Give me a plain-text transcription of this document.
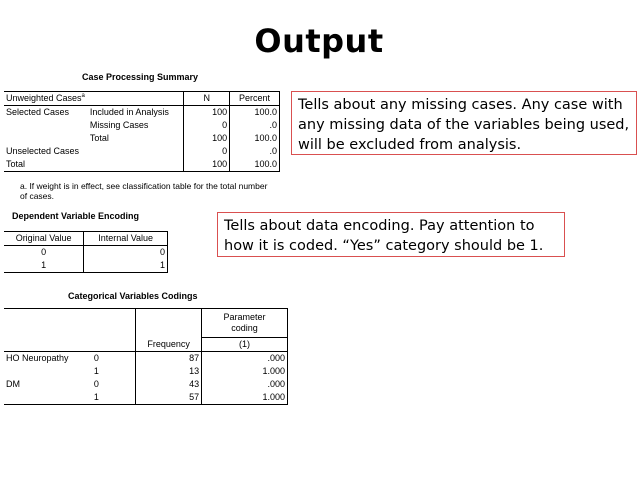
Output
Case Processing Summary
Unweighted Cases$^a$		N	Percent
Selected Cases	Included in Analysis	100	100.0
	Missing Cases	0	.0
	Total	100	100.0
Unselected Cases		0	.0
Total		100	100.0
a. If weight is in effect, see classification table for the total number of cases.
Tells about any missing cases. Any case with any missing data of the variables being used, will be excluded from analysis.
Dependent Variable Encoding
Original Value	Internal Value
0	0
1	1
Tells about data encoding. Pay attention to how it is coded. “Yes” category should be 1.
Categorical Variables Codings
		Frequency	Parameter coding
			(1)
HO Neuropathy	0	87	.000
	1	13	1.000
DM	0	43	.000
	1	57	1.000
